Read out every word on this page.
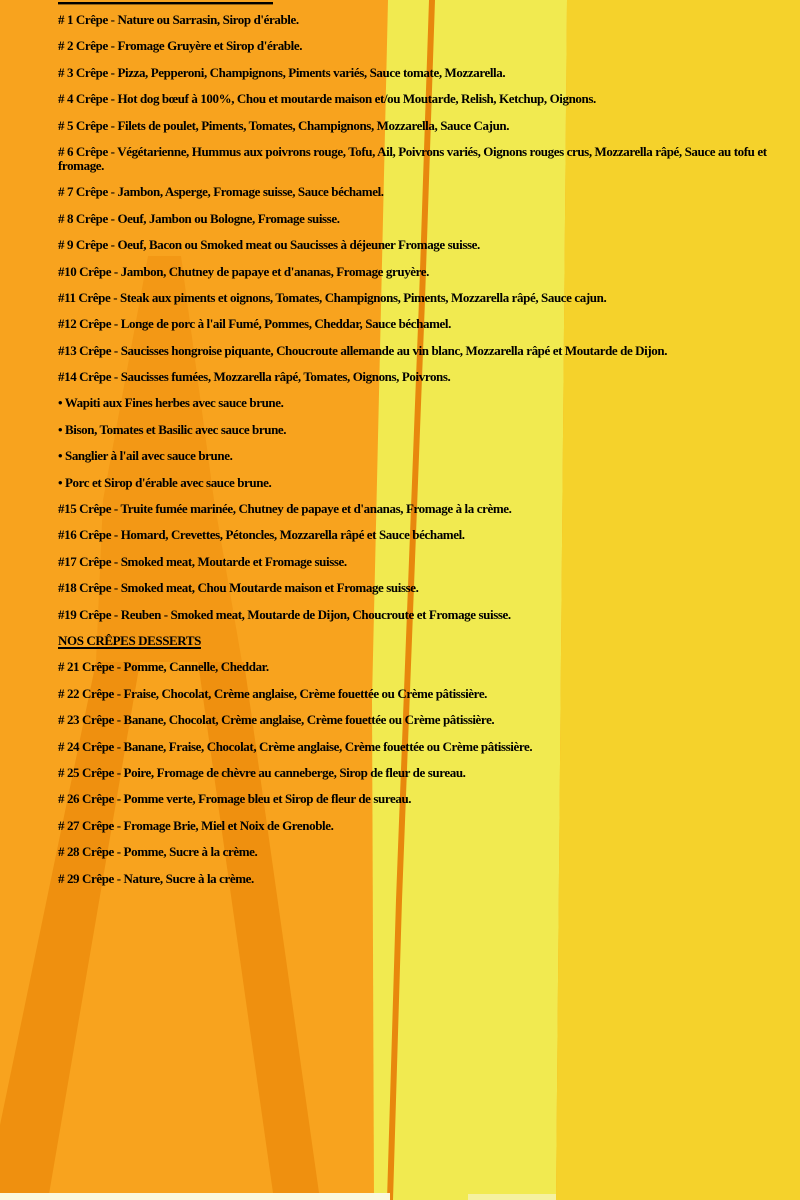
# 1 Crêpe - Nature ou Sarrasin, Sirop d'érable.
# 2 Crêpe - Fromage Gruyère et Sirop d'érable.
# 3 Crêpe - Pizza, Pepperoni, Champignons, Piments variés, Sauce tomate, Mozzarella.
# 4 Crêpe - Hot dog bœuf à 100%, Chou et moutarde maison et/ou Moutarde, Relish, Ketchup, Oignons.
# 5 Crêpe - Filets de poulet, Piments, Tomates, Champignons, Mozzarella, Sauce Cajun.
# 6 Crêpe - Végétarienne, Hummus aux poivrons rouge, Tofu, Ail, Poivrons variés, Oignons rouges crus, Mozzarella râpé, Sauce au tofu et fromage.
# 7 Crêpe - Jambon, Asperge, Fromage suisse, Sauce béchamel.
# 8 Crêpe - Oeuf, Jambon ou Bologne, Fromage suisse.
# 9 Crêpe - Oeuf, Bacon ou Smoked meat ou Saucisses à déjeuner Fromage suisse.
#10 Crêpe - Jambon, Chutney de papaye et d'ananas, Fromage gruyère.
#11 Crêpe - Steak aux piments et oignons, Tomates, Champignons, Piments, Mozzarella râpé, Sauce cajun.
#12 Crêpe - Longe de porc à l'ail Fumé, Pommes, Cheddar, Sauce béchamel.
#13 Crêpe - Saucisses hongroise piquante, Choucroute allemande au vin blanc, Mozzarella râpé et Moutarde de Dijon.
#14 Crêpe - Saucisses fumées, Mozzarella râpé, Tomates, Oignons, Poivrons.
• Wapiti aux Fines herbes avec sauce brune.
• Bison, Tomates et Basilic avec sauce brune.
• Sanglier à l'ail avec sauce brune.
• Porc et Sirop d'érable avec sauce brune.
#15 Crêpe - Truite fumée marinée, Chutney de papaye et d'ananas, Fromage à la crème.
#16 Crêpe - Homard, Crevettes, Pétoncles, Mozzarella râpé et Sauce béchamel.
#17 Crêpe - Smoked meat, Moutarde et Fromage suisse.
#18 Crêpe - Smoked meat, Chou Moutarde maison et Fromage suisse.
#19 Crêpe - Reuben - Smoked meat, Moutarde de Dijon, Choucroute et Fromage suisse.
NOS CRÊPES DESSERTS
# 21 Crêpe - Pomme, Cannelle, Cheddar.
# 22 Crêpe - Fraise, Chocolat, Crème anglaise, Crème fouettée ou Crème pâtissière.
# 23 Crêpe - Banane, Chocolat, Crème anglaise, Crème fouettée ou Crème pâtissière.
# 24 Crêpe - Banane, Fraise, Chocolat, Crème anglaise, Crème fouettée ou Crème pâtissière.
# 25 Crêpe - Poire, Fromage de chèvre au canneberge, Sirop de fleur de sureau.
# 26 Crêpe - Pomme verte, Fromage bleu et Sirop de fleur de sureau.
# 27 Crêpe - Fromage Brie, Miel et Noix de Grenoble.
# 28 Crêpe - Pomme, Sucre à la crème.
# 29 Crêpe - Nature, Sucre à la crème.
